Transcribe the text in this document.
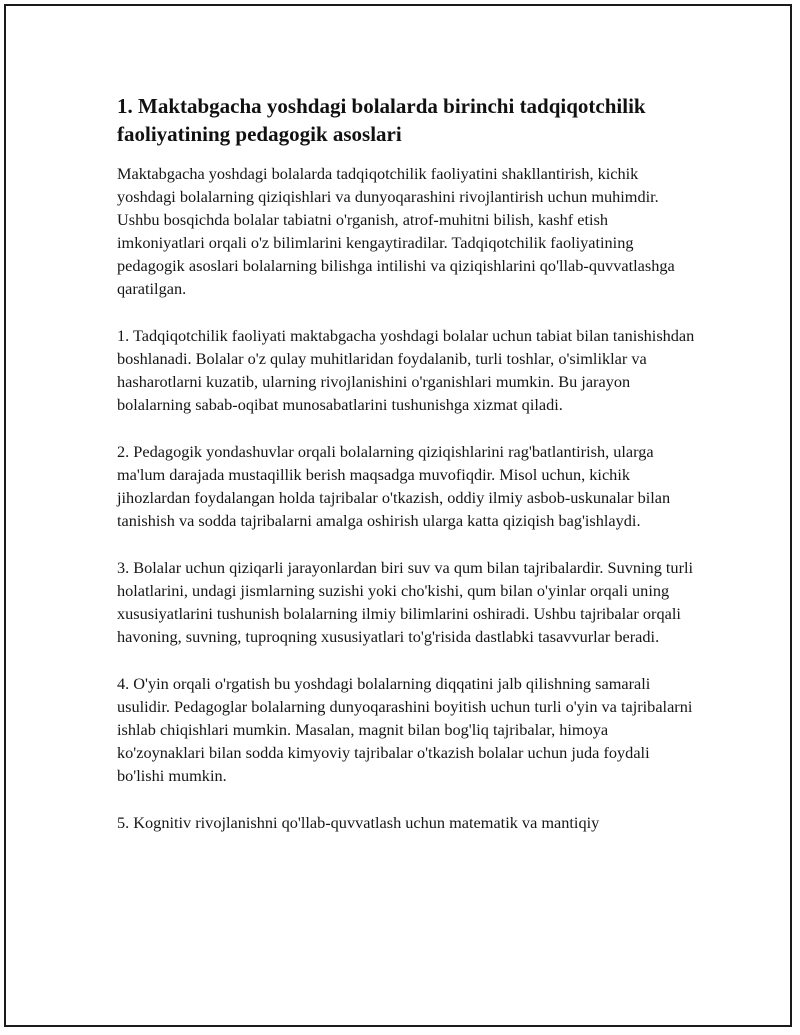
1. Maktabgacha yoshdagi bolalarda birinchi tadqiqotchilik faoliyatining pedagogik asoslari

Maktabgacha yoshdagi bolalarda tadqiqotchilik faoliyatini shakllantirish, kichik yoshdagi bolalarning qiziqishlari va dunyoqarashini rivojlantirish uchun muhimdir. Ushbu bosqichda bolalar tabiatni o'rganish, atrof-muhitni bilish, kashf etish imkoniyatlari orqali o'z bilimlarini kengaytiradilar. Tadqiqotchilik faoliyatining pedagogik asoslari bolalarning bilishga intilishi va qiziqishlarini qo'llab-quvvatlashga qaratilgan.

1. Tadqiqotchilik faoliyati maktabgacha yoshdagi bolalar uchun tabiat bilan tanishishdan boshlanadi. Bolalar o'z qulay muhitlaridan foydalanib, turli toshlar, o'simliklar va hasharotlarni kuzatib, ularning rivojlanishini o'rganishlari mumkin. Bu jarayon bolalarning sabab-oqibat munosabatlarini tushunishga xizmat qiladi.

2. Pedagogik yondashuvlar orqali bolalarning qiziqishlarini rag'batlantirish, ularga ma'lum darajada mustaqillik berish maqsadga muvofiqdir. Misol uchun, kichik jihozlardan foydalangan holda tajribalar o'tkazish, oddiy ilmiy asbob-uskunalar bilan tanishish va sodda tajribalarni amalga oshirish ularga katta qiziqish bag'ishlaydi.

3. Bolalar uchun qiziqarli jarayonlardan biri suv va qum bilan tajribalardir. Suvning turli holatlarini, undagi jismlarning suzishi yoki cho'kishi, qum bilan o'yinlar orqali uning xususiyatlarini tushunish bolalarning ilmiy bilimlarini oshiradi. Ushbu tajribalar orqali havoning, suvning, tuproqning xususiyatlari to'g'risida dastlabki tasavvurlar beradi.

4. O'yin orqali o'rgatish bu yoshdagi bolalarning diqqatini jalb qilishning samarali usulidir. Pedagoglar bolalarning dunyoqarashini boyitish uchun turli o'yin va tajribalarni ishlab chiqishlari mumkin. Masalan, magnit bilan bog'liq tajribalar, himoya ko'zoynaklari bilan sodda kimyoviy tajribalar o'tkazish bolalar uchun juda foydali bo'lishi mumkin.

5. Kognitiv rivojlanishni qo'llab-quvvatlash uchun matematik va mantiqiy
